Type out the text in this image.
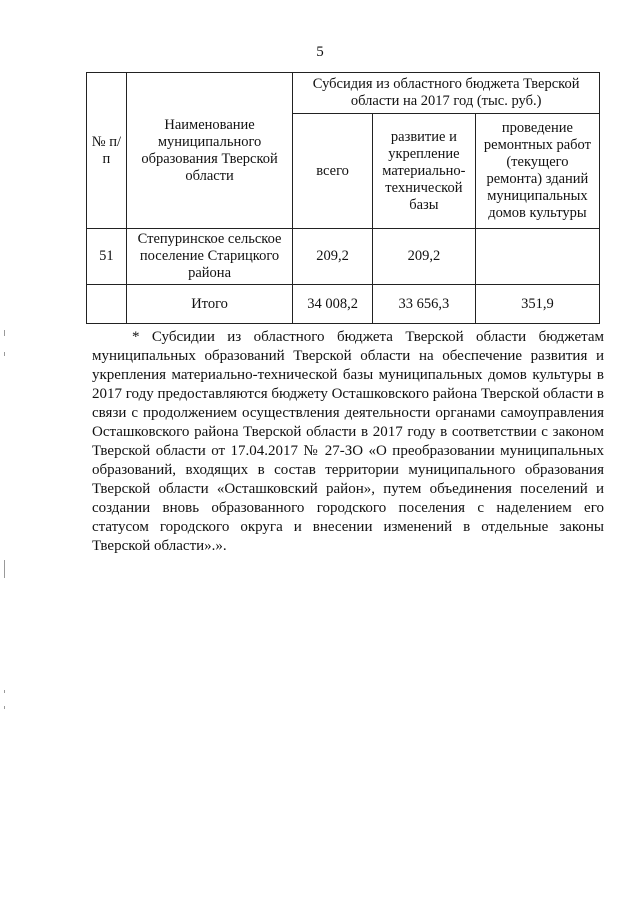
5
№ п/п	Наименование муниципального образования Тверской области	Субсидия из областного бюджета Тверской области на 2017 год (тыс. руб.)		
		всего	развитие и укрепление материально-технической базы	проведение ремонтных работ (текущего ремонта) зданий муниципальных домов культуры
51	Степуринское сельское поселение Старицкого района	209,2	209,2	
	Итого	34 008,2	33 656,3	351,9

* Субсидии из областного бюджета Тверской области бюджетам муниципальных образований Тверской области на обеспечение развития и укрепления материально-технической базы муниципальных домов культуры в 2017 году предоставляются бюджету Осташковского района Тверской области в связи с продолжением осуществления деятельности органами самоуправления Осташковского района Тверской области в 2017 году в соответствии с законом Тверской области от 17.04.2017 № 27-ЗО «О преобразовании муниципальных образований, входящих в состав территории муниципального образования Тверской области «Осташковский район», путем объединения поселений и создании вновь образованного городского поселения с наделением его статусом городского округа и внесении изменений в отдельные законы Тверской области».».
